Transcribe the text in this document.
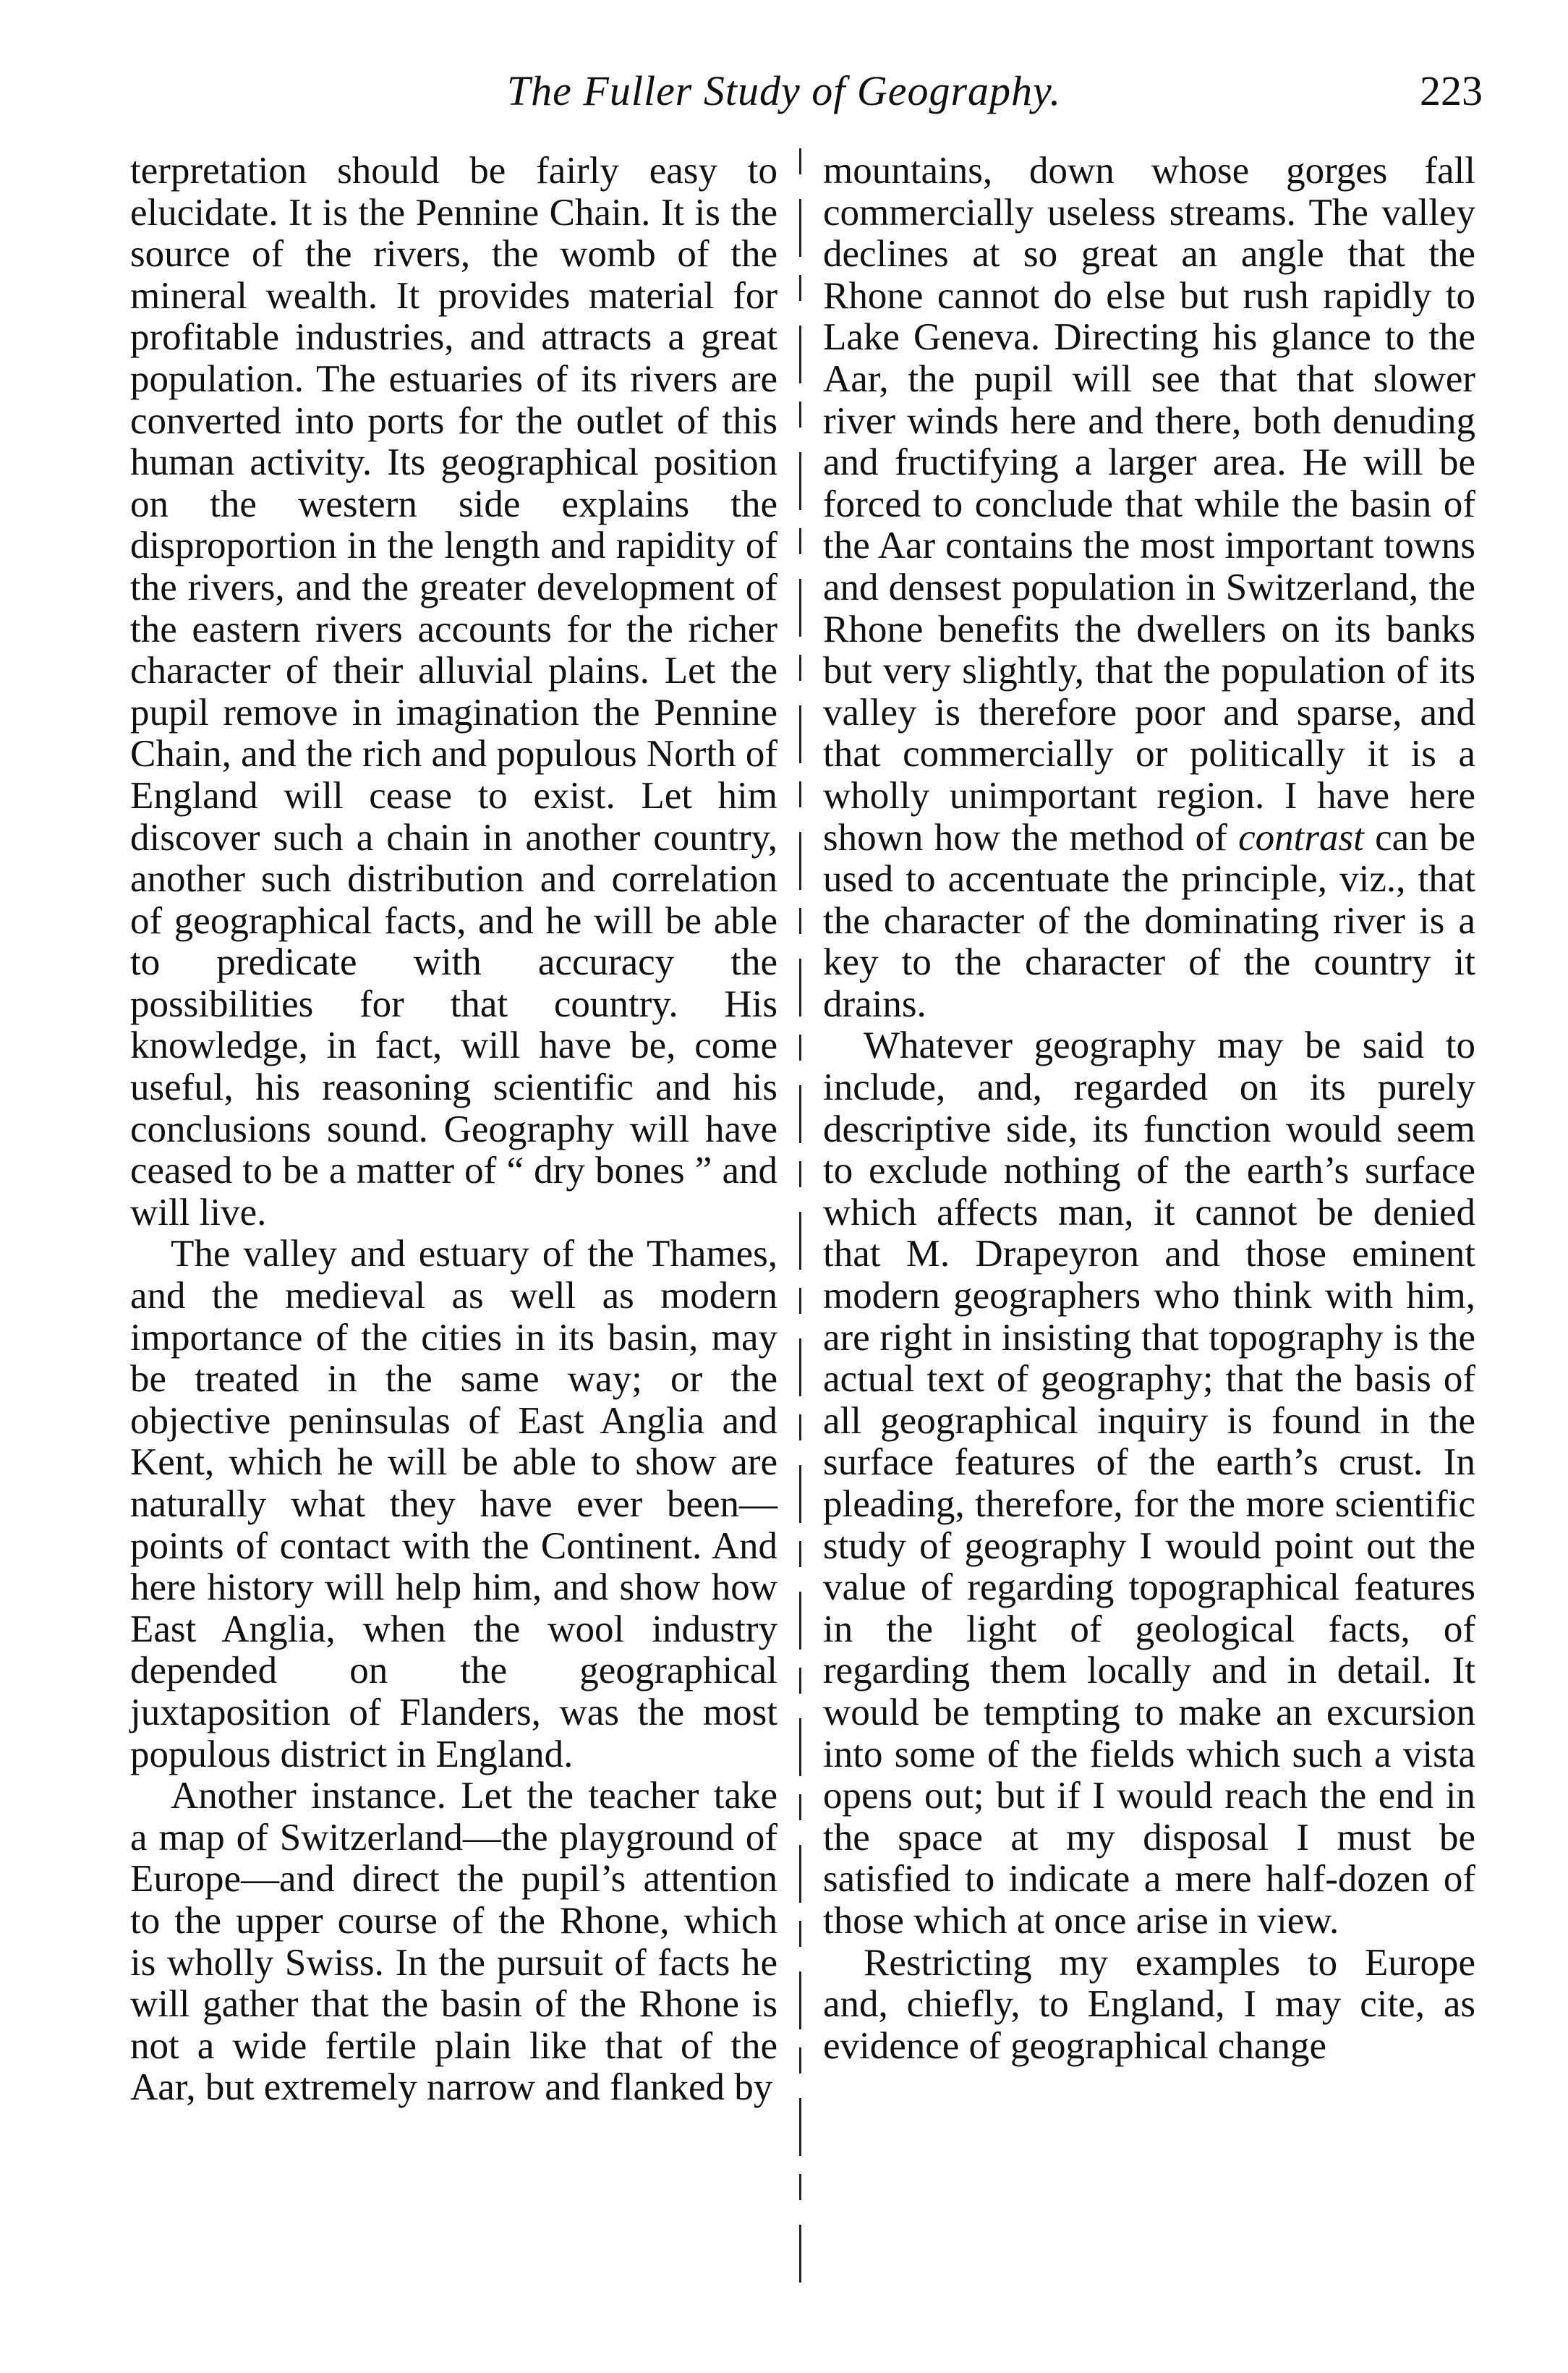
The Fuller Study of Geography.	223

terpretation should be fairly easy to elucidate. It is the Pennine Chain. It is the source of the rivers, the womb of the mineral wealth. It provides material for profitable industries, and attracts a great population. The estuaries of its rivers are converted into ports for the outlet of this human activity. Its geographical position on the western side explains the disproportion in the length and rapidity of the rivers, and the greater development of the eastern rivers accounts for the richer character of their alluvial plains. Let the pupil remove in imagination the Pennine Chain, and the rich and populous North of England will cease to exist. Let him discover such a chain in another country, another such distribution and correlation of geographical facts, and he will be able to predicate with accuracy the possibilities for that country. His knowledge, in fact, will have be, come useful, his reasoning scientific and his conclusions sound. Geography will have ceased to be a matter of “ dry bones ” and will live.

The valley and estuary of the Thames, and the medieval as well as modern importance of the cities in its basin, may be treated in the same way; or the objective peninsulas of East Anglia and Kent, which he will be able to show are naturally what they have ever been—points of contact with the Continent. And here history will help him, and show how East Anglia, when the wool industry depended on the geographical juxtaposition of Flanders, was the most populous district in England.

Another instance. Let the teacher take a map of Switzerland—the playground of Europe—and direct the pupil’s attention to the upper course of the Rhone, which is wholly Swiss. In the pursuit of facts he will gather that the basin of the Rhone is not a wide fertile plain like that of the Aar, but extremely narrow and flanked by

mountains, down whose gorges fall commercially useless streams. The valley declines at so great an angle that the Rhone cannot do else but rush rapidly to Lake Geneva. Directing his glance to the Aar, the pupil will see that that slower river winds here and there, both denuding and fructifying a larger area. He will be forced to conclude that while the basin of the Aar contains the most important towns and densest population in Switzerland, the Rhone benefits the dwellers on its banks but very slightly, that the population of its valley is therefore poor and sparse, and that commercially or politically it is a wholly unimportant region. I have here shown how the method of contrast can be used to accentuate the principle, viz., that the character of the dominating river is a key to the character of the country it drains.

Whatever geography may be said to include, and, regarded on its purely descriptive side, its function would seem to exclude nothing of the earth’s surface which affects man, it cannot be denied that M. Drapeyron and those eminent modern geographers who think with him, are right in insisting that topography is the actual text of geography; that the basis of all geographical inquiry is found in the surface features of the earth’s crust. In pleading, therefore, for the more scientific study of geography I would point out the value of regarding topographical features in the light of geological facts, of regarding them locally and in detail. It would be tempting to make an excursion into some of the fields which such a vista opens out; but if I would reach the end in the space at my disposal I must be satisfied to indicate a mere half-dozen of those which at once arise in view.

Restricting my examples to Europe and, chiefly, to England, I may cite, as evidence of geographical change
